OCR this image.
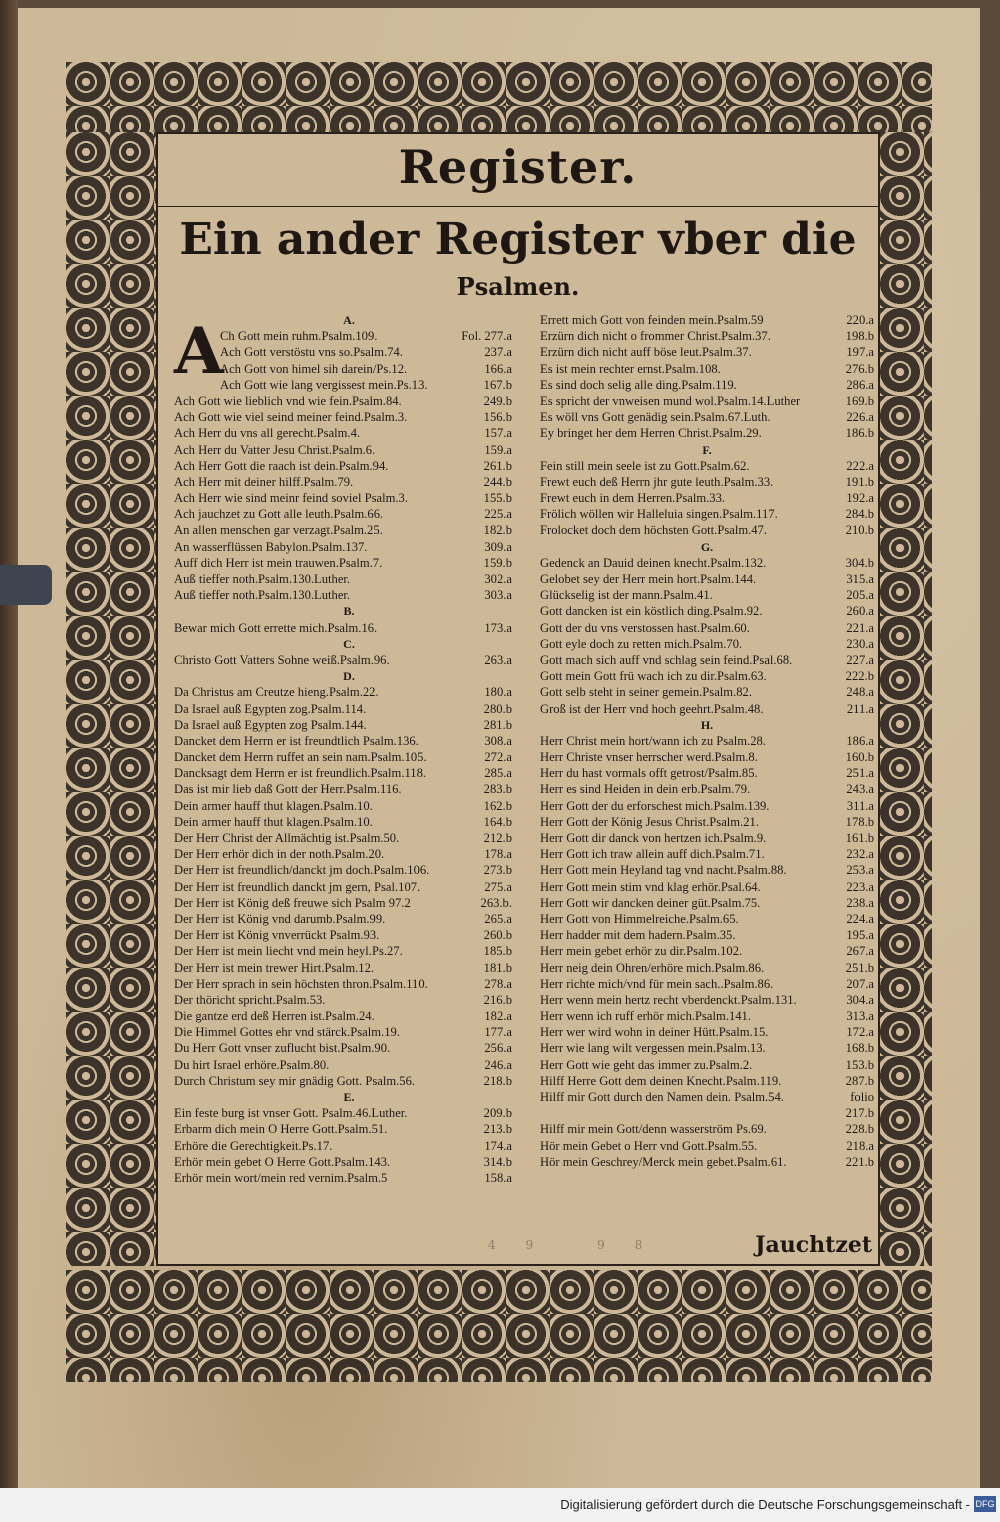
Register.
Ein ander Register vber die
Psalmen.
A	A.
Ch Gott mein ruhm.Psalm.109.	Fol. 277.a
Ach Gott verstöstu vns so.Psalm.74.	237.a
Ach Gott von himel sih darein/Ps.12.	166.a
Ach Gott wie lang vergissest mein.Ps.13.	167.b
Ach Gott wie lieblich vnd wie fein.Psalm.84.	249.b
Ach Gott wie viel seind meiner feind.Psalm.3.	156.b
Ach Herr du vns all gerecht.Psalm.4.	157.a
Ach Herr du Vatter Jesu Christ.Psalm.6.	159.a
Ach Herr Gott die raach ist dein.Psalm.94.	261.b
Ach Herr mit deiner hilff.Psalm.79.	244.b
Ach Herr wie sind meinr feind soviel Psalm.3.	155.b
Ach jauchzet zu Gott alle leuth.Psalm.66.	225.a
An allen menschen gar verzagt.Psalm.25.	182.b
An wasserflüssen Babylon.Psalm.137.	309.a
Auff dich Herr ist mein trauwen.Psalm.7.	159.b
Auß tieffer noth.Psalm.130.Luther.	302.a
Auß tieffer noth.Psalm.130.Luther.	303.a
B.
Bewar mich Gott errette mich.Psalm.16.	173.a
C.
Christo Gott Vatters Sohne weiß.Psalm.96.	263.a
D.
Da Christus am Creutze hieng.Psalm.22.	180.a
Da Israel auß Egypten zog.Psalm.114.	280.b
Da Israel auß Egypten zog Psalm.144.	281.b
Dancket dem Herrn er ist freundtlich Psalm.136.	308.a
Dancket dem Herrn ruffet an sein nam.Psalm.105.	272.a
Dancksagt dem Herrn er ist freundlich.Psalm.118.	285.a
Das ist mir lieb daß Gott der Herr.Psalm.116.	283.b
Dein armer hauff thut klagen.Psalm.10.	162.b
Dein armer hauff thut klagen.Psalm.10.	164.b
Der Herr Christ der Allmächtig ist.Psalm.50.	212.b
Der Herr erhör dich in der noth.Psalm.20.	178.a
Der Herr ist freundlich/danckt jm doch.Psalm.106.	273.b
Der Herr ist freundlich danckt jm gern, Psal.107.	275.a
Der Herr ist König deß freuwe sich Psalm 97.2	263.b.
Der Herr ist König vnd darumb.Psalm.99.	265.a
Der Herr ist König vnverrückt Psalm.93.	260.b
Der Herr ist mein liecht vnd mein heyl.Ps.27.	185.b
Der Herr ist mein trewer Hirt.Psalm.12.	181.b
Der Herr sprach in sein höchsten thron.Psalm.110.	278.a
Der thöricht spricht.Psalm.53.	216.b
Die gantze erd deß Herren ist.Psalm.24.	182.a
Die Himmel Gottes ehr vnd stärck.Psalm.19.	177.a
Du Herr Gott vnser zuflucht bist.Psalm.90.	256.a
Du hirt Israel erhöre.Psalm.80.	246.a
Durch Christum sey mir gnädig Gott. Psalm.56.	218.b
E.
Ein feste burg ist vnser Gott. Psalm.46.Luther.	209.b
Erbarm dich mein O Herre Gott.Psalm.51.	213.b
Erhöre die Gerechtigkeit.Ps.17.	174.a
Erhör mein gebet O Herre Gott.Psalm.143.	314.b
Erhör mein wort/mein red vernim.Psalm.5	158.a
Errett mich Gott von feinden mein.Psalm.59	220.a
Erzürn dich nicht o frommer Christ.Psalm.37.	198.b
Erzürn dich nicht auff böse leut.Psalm.37.	197.a
Es ist mein rechter ernst.Psalm.108.	276.b
Es sind doch selig alle ding.Psalm.119.	286.a
Es spricht der vnweisen mund wol.Psalm.14.Luther	169.b
Es wöll vns Gott genädig sein.Psalm.67.Luth.	226.a
Ey bringet her dem Herren Christ.Psalm.29.	186.b
F.
Fein still mein seele ist zu Gott.Psalm.62.	222.a
Frewt euch deß Herrn jhr gute leuth.Psalm.33.	191.b
Frewt euch in dem Herren.Psalm.33.	192.a
Frölich wöllen wir Halleluia singen.Psalm.117.	284.b
Frolocket doch dem höchsten Gott.Psalm.47.	210.b
G.
Gedenck an Dauid deinen knecht.Psalm.132.	304.b
Gelobet sey der Herr mein hort.Psalm.144.	315.a
Glückselig ist der mann.Psalm.41.	205.a
Gott dancken ist ein köstlich ding.Psalm.92.	260.a
Gott der du vns verstossen hast.Psalm.60.	221.a
Gott eyle doch zu retten mich.Psalm.70.	230.a
Gott mach sich auff vnd schlag sein feind.Psal.68.	227.a
Gott mein Gott frü wach ich zu dir.Psalm.63.	222.b
Gott selb steht in seiner gemein.Psalm.82.	248.a
Groß ist der Herr vnd hoch geehrt.Psalm.48.	211.a
H.
Herr Christ mein hort/wann ich zu Psalm.28.	186.a
Herr Christe vnser herrscher werd.Psalm.8.	160.b
Herr du hast vormals offt getrost/Psalm.85.	251.a
Herr es sind Heiden in dein erb.Psalm.79.	243.a
Herr Gott der du erforschest mich.Psalm.139.	311.a
Herr Gott der König Jesus Christ.Psalm.21.	178.b
Herr Gott dir danck von hertzen ich.Psalm.9.	161.b
Herr Gott ich traw allein auff dich.Psalm.71.	232.a
Herr Gott mein Heyland tag vnd nacht.Psalm.88.	253.a
Herr Gott mein stim vnd klag erhör.Psal.64.	223.a
Herr Gott wir dancken deiner güt.Psalm.75.	238.a
Herr Gott von Himmelreiche.Psalm.65.	224.a
Herr hadder mit dem hadern.Psalm.35.	195.a
Herr mein gebet erhör zu dir.Psalm.102.	267.a
Herr neig dein Ohren/erhöre mich.Psalm.86.	251.b
Herr richte mich/vnd für mein sach..Psalm.86.	207.a
Herr wenn mein hertz recht vberdenckt.Psalm.131.	304.a
Herr wenn ich ruff erhör mich.Psalm.141.	313.a
Herr wer wird wohn in deiner Hütt.Psalm.15.	172.a
Herr wie lang wilt vergessen mein.Psalm.13.	168.b
Herr Gott wie geht das immer zu.Psalm.2.	153.b
Hilff Herre Gott dem deinen Knecht.Psalm.119.	287.b
Hilff mir Gott durch den Namen dein. Psalm.54.	folio
217.b
Hilff mir mein Gott/denn wasserström Ps.69.	228.b
Hör mein Gebet o Herr vnd Gott.Psalm.55.	218.a
Hör mein Geschrey/Merck mein gebet.Psalm.61.	221.b
49	98	Jauchtzet
Digitalisierung gefördert durch die Deutsche Forschungsgemeinschaft - DFG
